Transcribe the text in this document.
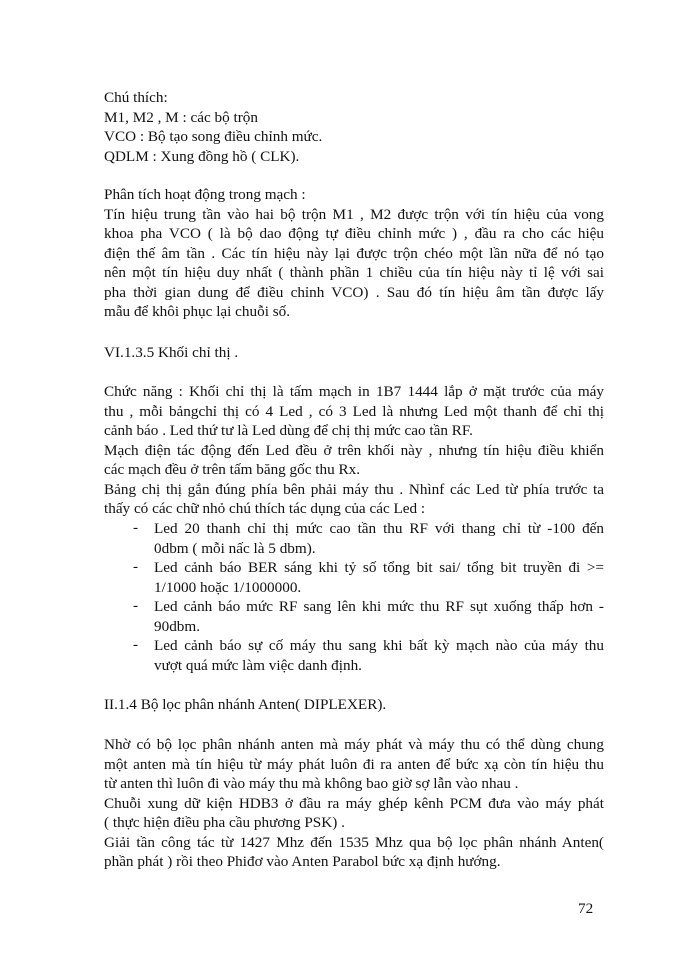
Chú thích:
M1, M2 , M : các bộ trộn
VCO : Bộ tạo song điều chỉnh mức.
QDLM : Xung đồng hồ ( CLK).
Phân tích hoạt động trong mạch :
Tín hiệu trung tần vào hai bộ trộn M1 , M2 được trộn với tín hiệu của vong
khoa pha VCO ( là bộ dao động tự điều chỉnh mức ) , đầu ra cho các hiệu
điện thế âm tần . Các tín hiệu này lại được trộn chéo một lần nữa để nó tạo
nên một tín hiệu duy nhất ( thành phần 1 chiều của tín hiệu này tỉ lệ với sai
pha thời gian dung để điều chỉnh VCO) . Sau đó tín hiệu âm tần được lấy
mẫu để khôi phục lại chuỗi số.
VI.1.3.5 Khối chỉ thị .
Chức năng : Khối chỉ thị là tấm mạch in 1B7 1444 lắp ở mặt trước của máy
thu , mỗi bảngchỉ thị có 4 Led , có 3 Led là nhưng Led một thanh để chỉ thị
cảnh báo . Led thứ tư là Led dùng để chị thị mức cao tần RF.
Mạch điện tác động đến Led đều ở trên khối này , nhưng tín hiệu điều khiển
các mạch đều ở trên tấm băng gốc thu Rx.
Bảng chị thị gắn đúng phía bên phải máy thu . Nhìnf các Led từ phía trước ta
thấy có các chữ nhỏ chú thích tác dụng của các Led :
- Led 20 thanh chỉ thị mức cao tần thu RF với thang chỉ từ -100 đến
0dbm ( mỗi nấc là 5 dbm).
- Led cảnh báo BER sáng khi tỷ số tổng bit sai/ tổng bit truyền đi >=
1/1000 hoặc 1/1000000.
- Led cảnh báo mức RF sang lên khi mức thu RF sụt xuống thấp hơn -
90dbm.
- Led cảnh báo sự cố máy thu sang khi bất kỳ mạch nào của máy thu
vượt quá mức làm việc danh định.
II.1.4 Bộ lọc phân nhánh Anten( DIPLEXER).
Nhờ có bộ lọc phân nhánh anten mà máy phát và máy thu có thể dùng chung
một anten mà tín hiệu từ máy phát luôn đi ra anten để bức xạ còn tín hiệu thu
từ anten thì luôn đi vào máy thu mà không bao giờ sợ lẫn vào nhau .
Chuỗi xung dữ kiện HDB3 ở đầu ra máy ghép kênh PCM đưa vào máy phát
( thực hiện điều pha cầu phương PSK) .
Giải tần công tác từ 1427 Mhz đến 1535 Mhz qua bộ lọc phân nhánh Anten(
phần phát ) rồi theo Phiđơ vào Anten Parabol bức xạ định hướng.
72
